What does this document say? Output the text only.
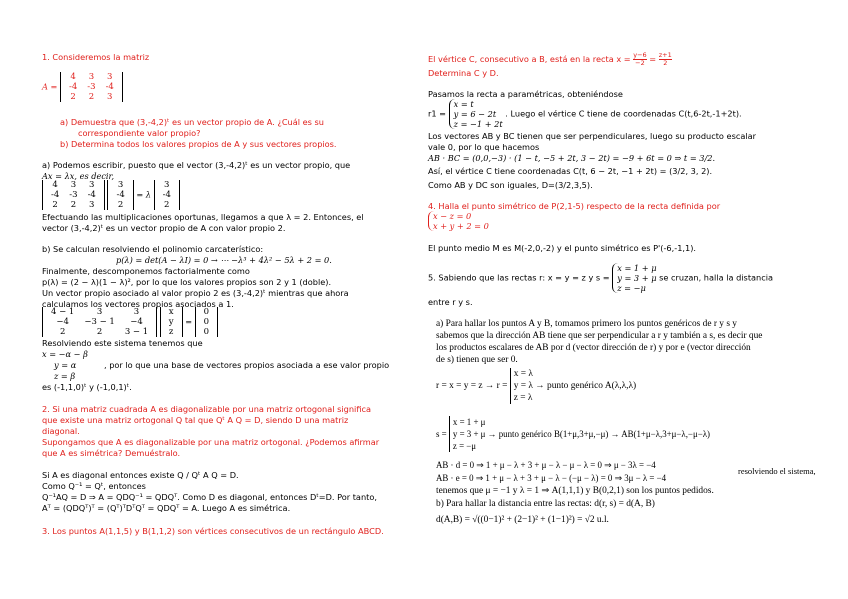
1. Consideremos la matriz
A =
4	3	3
-4	-3	-4
2	2	3
a) Demuestra que (3,-4,2)ᵗ es un vector propio de A. ¿Cuál es su
correspondiente valor propio?
b) Determina todos los valores propios de A y sus vectores propios.
a) Podemos escribir, puesto que el vector (3,-4,2)ᵗ es un vector propio, que
Ax = λx, es decir,
4	3	3
-4	-3	-4
2	2	3

3
-4
2
= λ
3
-4
2
Efectuando las multiplicaciones oportunas, llegamos a que λ = 2. Entonces, el
vector (3,-4,2)ᵗ es un vector propio de A con valor propio 2.
b) Se calculan resolviendo el polinomio carcaterístico:
p(λ) = det(A − λI) = 0 → ⋯ −λ³ + 4λ² − 5λ + 2 = 0.
Finalmente, descomponemos factorialmente como
p(λ) = (2 − λ)(1 − λ)², por lo que los valores propios son 2 y 1 (doble).
Un vector propio asociado al valor propio 2 es (3,-4,2)ᵗ mientras que ahora
calculamos los vectores propios asociados a 1.
4 − 1	3	3
−4	−3 − 1	−4
2	2	3 − 1

x
y
z
=
0
0
0
Resolviendo este sistema tenemos que
x = −α − β
y = α	, por lo que una base de vectores propios asociada a ese valor propio
z = β
es (-1,1,0)ᵗ y (-1,0,1)ᵗ.
2. Si una matriz cuadrada A es diagonalizable por una matriz ortogonal significa
que existe una matriz ortogonal Q tal que Qᵗ A Q = D, siendo D una matriz
diagonal.
Supongamos que A es diagonalizable por una matriz ortogonal. ¿Podemos afirmar
que A es simétrica? Demuéstralo.
Si A es diagonal entonces existe Q / Qᵗ A Q = D.
Como Q⁻¹ = Qᵗ, entonces
Q⁻¹AQ = D ⇒ A = QDQ⁻¹ = QDQᵀ. Como D es diagonal, entonces Dᵗ=D. Por tanto,
Aᵀ = (QDQᵀ)ᵀ = (Qᵀ)ᵀDᵀQᵀ = QDQᵀ = A. Luego A es simétrica.
3. Los puntos A(1,1,5) y B(1,1,2) son vértices consecutivos de un rectángulo ABCD.
El vértice C, consecutivo a B, está en la recta $x = \frac{y-6}{-2} = \frac{z+1}{2}$
Determina C y D.
Pasamos la recta a paramétricas, obteniéndose
r1 = x = t
y = 6 − 2t
z = −1 + 2t . Luego el vértice C tiene de coordenadas C(t,6-2t,-1+2t).
Los vectores AB y BC tienen que ser perpendiculares, luego su producto escalar
vale 0, por lo que hacemos
AB · BC = (0,0,−3) · (1 − t, −5 + 2t, 3 − 2t) = −9 + 6t = 0 ⇒ t = 3/2.
Así, el vértice C tiene coordenadas C(t, 6 − 2t, −1 + 2t) = (3/2, 3, 2).
Como AB y DC son iguales, D=(3/2,3,5).
4. Halla el punto simétrico de P(2,1-5) respecto de la recta definida por
x − z = 0
x + y + 2 = 0
El punto medio M es M(-2,0,-2) y el punto simétrico es P'(-6,-1,1).
5. Sabiendo que las rectas r: x = y = z y s = x = 1 + μ
y = 3 + μ
z = −μ se cruzan, halla la distancia
entre r y s.
a) Para hallar los puntos A y B, tomamos primero los puntos genéricos de r y s y
sabemos que la dirección AB tiene que ser perpendicular a r y también a s, es decir que
los productos escalares de AB por d (vector dirección de r) y por e (vector dirección
de s) tienen que ser 0.
r = x = y = z → r = x = λ
y = λ → punto genérico A(λ,λ,λ)
z = λ
s = x = 1 + μ
y = 3 + μ → punto genérico B(1+μ,3+μ,−μ) → AB(1+μ−λ,3+μ−λ,−μ−λ)
z = −μ
AB · d = 0 ⇒ 1 + μ − λ + 3 + μ − λ − μ − λ = 0 ⇒ μ − 3λ = −4
resolviendo el sistema,
AB · e = 0 ⇒ 1 + μ − λ + 3 + μ − λ − (−μ − λ) = 0 ⇒ 3μ − λ = −4
tenemos que μ = −1 y λ = 1 ⇒ A(1,1,1) y B(0,2,1) son los puntos pedidos.
b) Para hallar la distancia entre las rectas: d(r, s) = d(A, B)
d(A,B) = √((0−1)² + (2−1)² + (1−1)²) = √2 u.l.
